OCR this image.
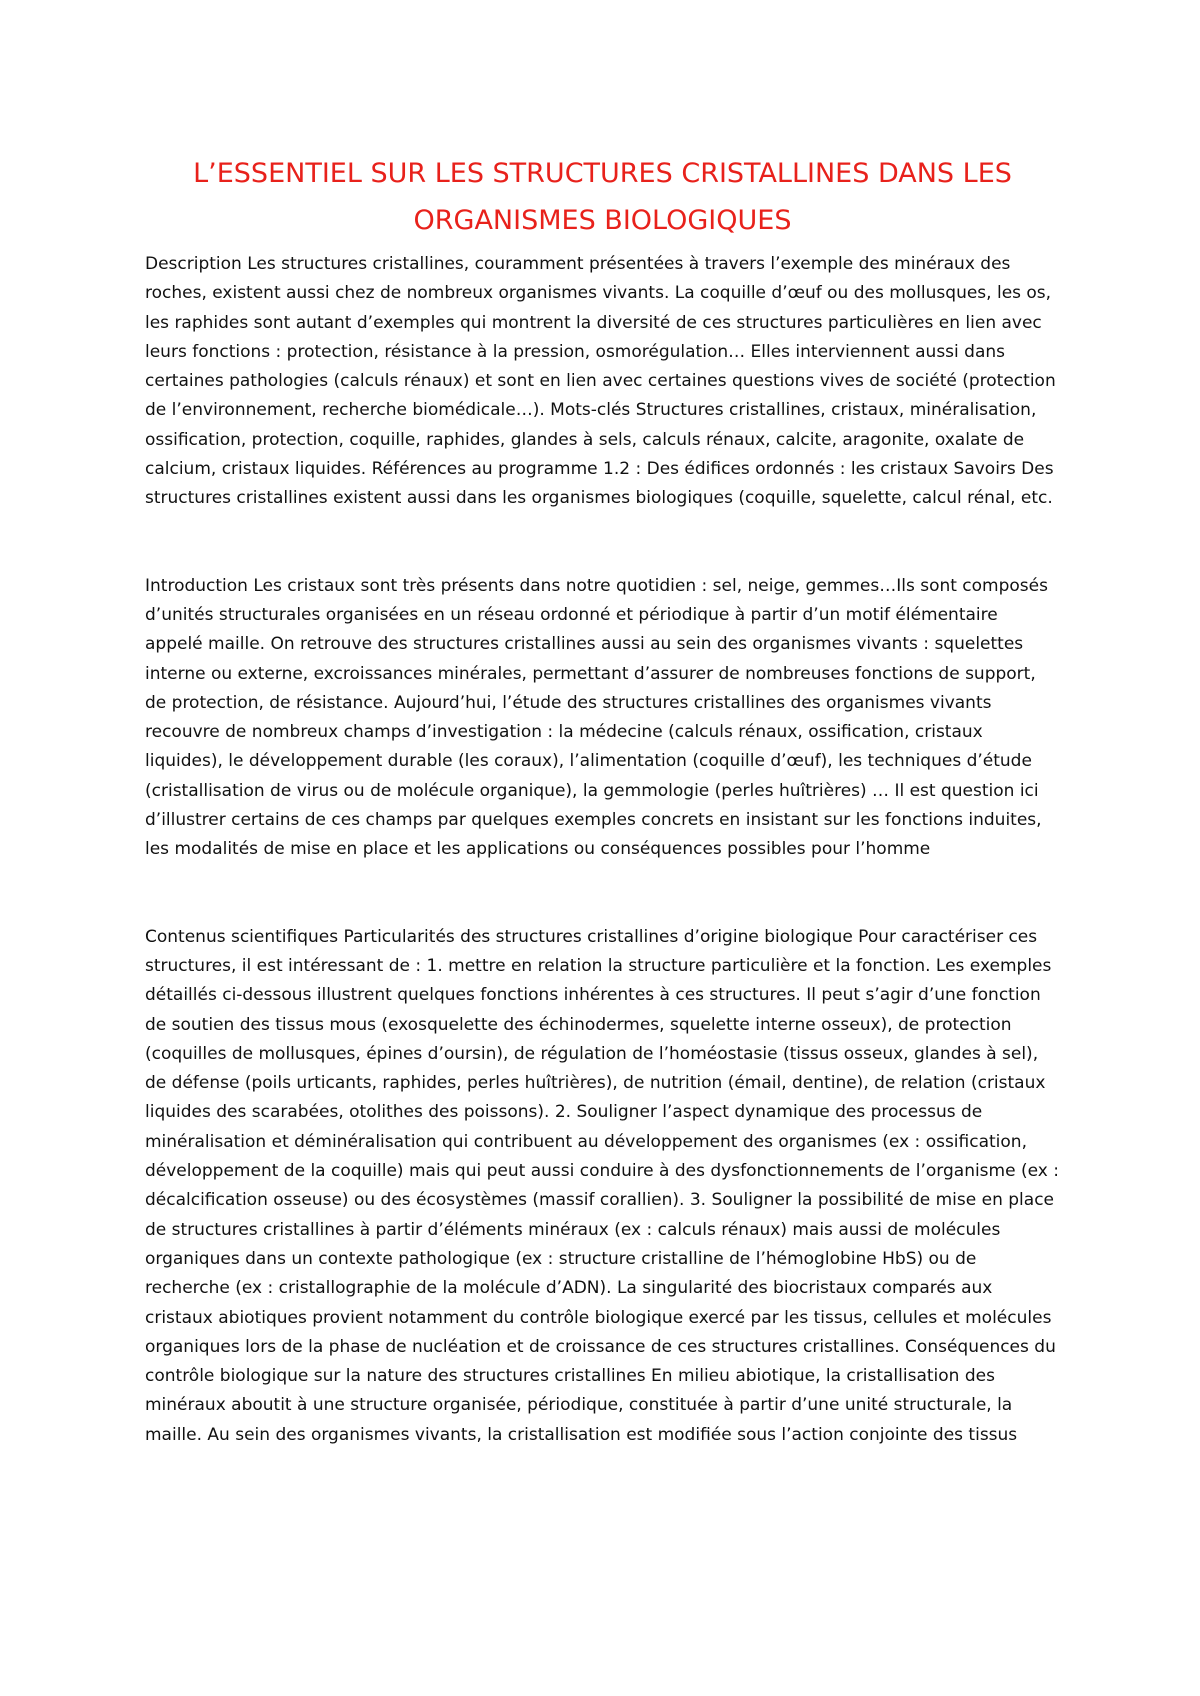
L’ESSENTIEL SUR LES STRUCTURES CRISTALLINES DANS LES ORGANISMES BIOLOGIQUES

Description Les structures cristallines, couramment présentées à travers l’exemple des minéraux des roches, existent aussi chez de nombreux organismes vivants. La coquille d’œuf ou des mollusques, les os, les raphides sont autant d’exemples qui montrent la diversité de ces structures particulières en lien avec leurs fonctions : protection, résistance à la pression, osmorégulation… Elles interviennent aussi dans certaines pathologies (calculs rénaux) et sont en lien avec certaines questions vives de société (protection de l’environnement, recherche biomédicale…). Mots-clés Structures cristallines, cristaux, minéralisation, ossification, protection, coquille, raphides, glandes à sels, calculs rénaux, calcite, aragonite, oxalate de calcium, cristaux liquides. Références au programme 1.2 : Des édifices ordonnés : les cristaux Savoirs Des structures cristallines existent aussi dans les organismes biologiques (coquille, squelette, calcul rénal, etc.

Introduction Les cristaux sont très présents dans notre quotidien : sel, neige, gemmes…Ils sont composés d’unités structurales organisées en un réseau ordonné et périodique à partir d’un motif élémentaire appelé maille. On retrouve des structures cristallines aussi au sein des organismes vivants : squelettes interne ou externe, excroissances minérales, permettant d’assurer de nombreuses fonctions de support, de protection, de résistance. Aujourd’hui, l’étude des structures cristallines des organismes vivants recouvre de nombreux champs d’investigation : la médecine (calculs rénaux, ossification, cristaux liquides), le développement durable (les coraux), l’alimentation (coquille d’œuf), les techniques d’étude (cristallisation de virus ou de molécule organique), la gemmologie (perles huîtrières) … Il est question ici d’illustrer certains de ces champs par quelques exemples concrets en insistant sur les fonctions induites, les modalités de mise en place et les applications ou conséquences possibles pour l’homme

Contenus scientifiques Particularités des structures cristallines d’origine biologique Pour caractériser ces structures, il est intéressant de : 1. mettre en relation la structure particulière et la fonction. Les exemples détaillés ci-dessous illustrent quelques fonctions inhérentes à ces structures. Il peut s’agir d’une fonction de soutien des tissus mous (exosquelette des échinodermes, squelette interne osseux), de protection (coquilles de mollusques, épines d’oursin), de régulation de l’homéostasie (tissus osseux, glandes à sel), de défense (poils urticants, raphides, perles huîtrières), de nutrition (émail, dentine), de relation (cristaux liquides des scarabées, otolithes des poissons). 2. Souligner l’aspect dynamique des processus de minéralisation et déminéralisation qui contribuent au développement des organismes (ex : ossification, développement de la coquille) mais qui peut aussi conduire à des dysfonctionnements de l’organisme (ex : décalcification osseuse) ou des écosystèmes (massif corallien). 3. Souligner la possibilité de mise en place de structures cristallines à partir d’éléments minéraux (ex : calculs rénaux) mais aussi de molécules organiques dans un contexte pathologique (ex : structure cristalline de l’hémoglobine HbS) ou de recherche (ex : cristallographie de la molécule d’ADN). La singularité des biocristaux comparés aux cristaux abiotiques provient notamment du contrôle biologique exercé par les tissus, cellules et molécules organiques lors de la phase de nucléation et de croissance de ces structures cristallines. Conséquences du contrôle biologique sur la nature des structures cristallines En milieu abiotique, la cristallisation des minéraux aboutit à une structure organisée, périodique, constituée à partir d’une unité structurale, la maille. Au sein des organismes vivants, la cristallisation est modifiée sous l’action conjointe des tissus
